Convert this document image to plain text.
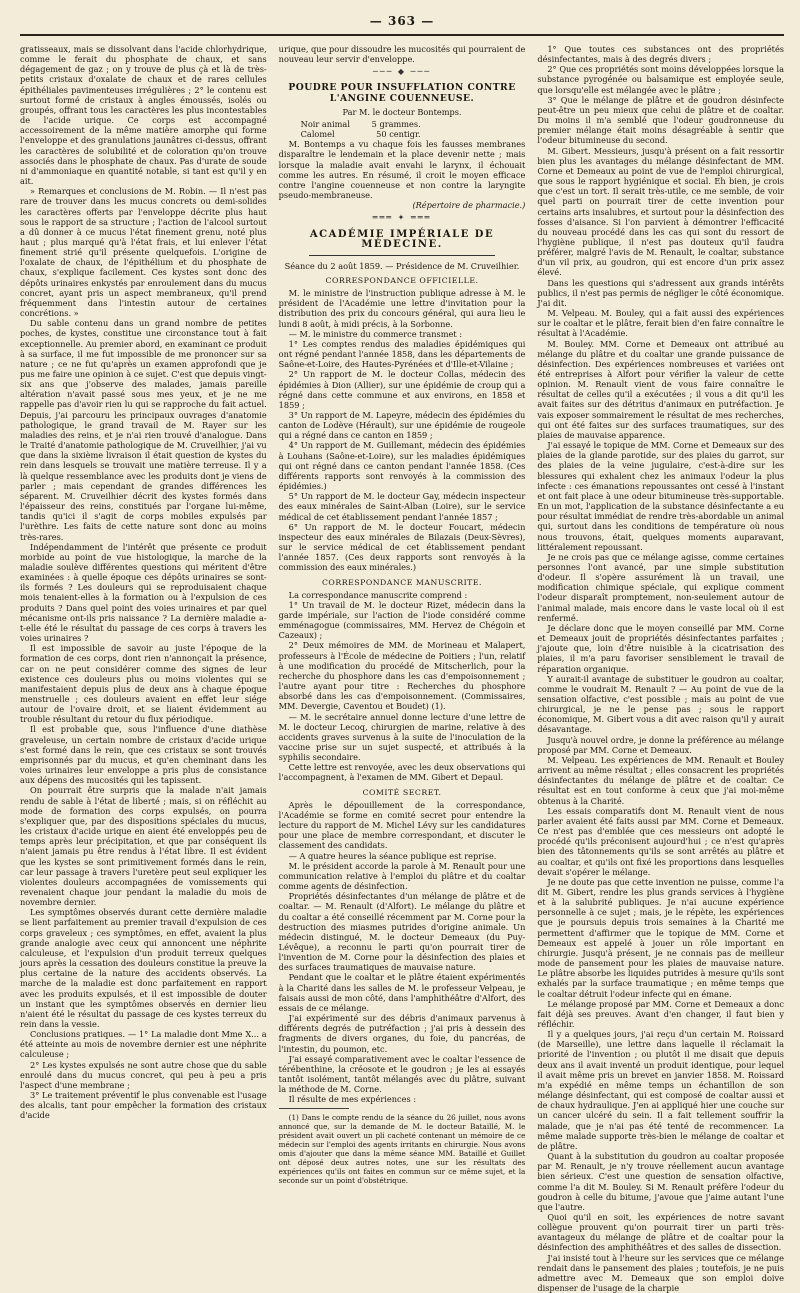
— 363 —

gratisseaux, mais se dissolvant dans l'acide chlorhydrique, comme le ferait du phosphate de chaux, et sans dégagement de gaz ; on y trouve de plus çà et là de très-petits cristaux d'oxalate de chaux et de rares cellules épithéliales pavimenteuses irrégulières ; 2° le contenu est surtout formé de cristaux à angles émoussés, isolés ou groupés, offrant tous les caractères les plus incontestables de l'acide urique. Ce corps est accompagné accessoirement de la même matière amorphe qui forme l'enveloppe et des granulations jaunâtres ci-dessus, offrant les caractères de solubilité et de coloration qu'on trouve associés dans le phosphate de chaux. Pas d'urate de soude ni d'ammoniaque en quantité notable, si tant est qu'il y en ait.

» Remarques et conclusions de M. Robin. — Il n'est pas rare de trouver dans les mucus concrets ou demi-solides les caractères offerts par l'enveloppe décrite plus haut sous le rapport de sa structure ; l'action de l'alcool surtout a dû donner à ce mucus l'état finement grenu, noté plus haut ; plus marqué qu'à l'état frais, et lui enlever l'état finement strié qu'il présente quelquefois. L'origine de l'oxalate de chaux, de l'épithélium et du phosphate de chaux, s'explique facilement. Ces kystes sont donc des dépôts urinaires enkystés par enroulement dans du mucus concret, ayant pris un aspect membraneux, qu'il prend fréquemment dans l'intestin autour de certaines concrétions. »

Du sable contenu dans un grand nombre de petites poches, de kystes, constitue une circonstance tout à fait exceptionnelle. Au premier abord, en examinant ce produit à sa surface, il me fut impossible de me prononcer sur sa nature ; ce ne fut qu'après un examen approfondi que je pus me faire une opinion à ce sujet. C'est que depuis vingt-six ans que j'observe des malades, jamais pareille altération n'avait passé sous mes yeux, et je ne me rappelle pas d'avoir rien lu qui se rapproche du fait actuel. Depuis, j'ai parcouru les principaux ouvrages d'anatomie pathologique, le grand travail de M. Rayer sur les maladies des reins, et je n'ai rien trouvé d'analogue. Dans le Traité d'anatomie pathologique de M. Cruveilhier, j'ai vu que dans la sixième livraison il était question de kystes du rein dans lesquels se trouvait une matière terreuse. Il y a là quelque ressemblance avec les produits dont je viens de parler ; mais cependant de grandes différences les séparent. M. Cruveilhier décrit des kystes formés dans l'épaisseur des reins, constitués par l'organe lui-même, tandis qu'ici il s'agit de corps mobiles expulsés par l'urèthre. Les faits de cette nature sont donc au moins très-rares.

Indépendamment de l'intérêt que présente ce produit morbide au point de vue histologique, la marche de la maladie soulève différentes questions qui méritent d'être examinées : à quelle époque ces dépôts urinaires se sont-ils formés ? Les douleurs qui se reproduisaient chaque mois tenaient-elles à la formation ou à l'expulsion de ces produits ? Dans quel point des voies urinaires et par quel mécanisme ont-ils pris naissance ? La dernière maladie a-t-elle été le résultat du passage de ces corps à travers les voies urinaires ?

Il est impossible de savoir au juste l'époque de la formation de ces corps, dont rien n'annonçait la présence, car on ne peut considérer comme des signes de leur existence ces douleurs plus ou moins violentes qui se manifestaient depuis plus de deux ans à chaque époque menstruelle ; ces douleurs avaient en effet leur siége autour de l'ovaire droit, et se liaient évidemment au trouble résultant du retour du flux périodique.

Il est probable que, sous l'influence d'une diathèse graveleuse, un certain nombre de cristaux d'acide urique s'est formé dans le rein, que ces cristaux se sont trouvés emprisonnés par du mucus, et qu'en cheminant dans les voies urinaires leur enveloppe a pris plus de consistance aux dépens des mucosités qui les tapissent.

On pourrait être surpris que la malade n'ait jamais rendu de sable à l'état de liberté ; mais, si on réfléchit au mode de formation des corps expulsés, on pourra s'expliquer que, par des dispositions spéciales du mucus, les cristaux d'acide urique en aient été enveloppés peu de temps après leur précipitation, et que par conséquent ils n'aient jamais pu être rendus à l'état libre. Il est évident que les kystes se sont primitivement formés dans le rein, car leur passage à travers l'uretère peut seul expliquer les violentes douleurs accompagnées de vomissements qui revenaient chaque jour pendant la maladie du mois de novembre dernier.

Les symptômes observés durant cette dernière maladie se lient parfaitement au premier travail d'expulsion de ces corps graveleux ; ces symptômes, en effet, avaient la plus grande analogie avec ceux qui annoncent une néphrite calculeuse, et l'expulsion d'un produit terreux quelques jours après la cessation des douleurs constitue la preuve la plus certaine de la nature des accidents observés. La marche de la maladie est donc parfaitement en rapport avec les produits expulsés, et il est impossible de douter un instant que les symptômes observés en dernier lieu n'aient été le résultat du passage de ces kystes terreux du rein dans la vessie.

Conclusions pratiques. — 1° La maladie dont Mme X... a été atteinte au mois de novembre dernier est une néphrite calculeuse ;

2° Les kystes expulsés ne sont autre chose que du sable enroulé dans du mucus concret, qui peu à peu a pris l'aspect d'une membrane ;

3° Le traitement préventif le plus convenable est l'usage des alcalis, tant pour empêcher la formation des cristaux d'acide

urique, que pour dissoudre les mucosités qui pourraient de nouveau leur servir d'enveloppe.

─── ◆ ───
POUDRE POUR INSUFFLATION CONTRE L'ANGINE COUENNEUSE.
Par M. le docteur Bontemps.
Noir animal	5 grammes.
Calomel	50 centigr.

M. Bontemps a vu chaque fois les fausses membranes disparaître le lendemain et la place devenir nette ; mais lorsque la maladie avait envahi le larynx, il échouait comme les autres. En résumé, il croit le moyen efficace contre l'angine couenneuse et non contre la laryngite pseudo-membraneuse.

(Répertoire de pharmacie.)
═══ ✦ ═══
ACADÉMIE IMPÉRIALE DE MÉDECINE.
Séance du 2 août 1859. — Présidence de M. Cruveilhier.
CORRESPONDANCE OFFICIELLE.

M. le ministre de l'instruction publique adresse à M. le président de l'Académie une lettre d'invitation pour la distribution des prix du concours général, qui aura lieu le lundi 8 août, à midi précis, à la Sorbonne.

— M. le ministre du commerce transmet :

1° Les comptes rendus des maladies épidémiques qui ont régné pendant l'année 1858, dans les départements de Saône-et-Loire, des Hautes-Pyrénées et d'Ille-et-Vilaine ;

2° Un rapport de M. le docteur Collas, médecin des épidémies à Dion (Allier), sur une épidémie de croup qui a régné dans cette commune et aux environs, en 1858 et 1859 ;

3° Un rapport de M. Lapeyre, médecin des épidémies du canton de Lodève (Hérault), sur une épidémie de rougeole qui a régné dans ce canton en 1859 ;

4° Un rapport de M. Guillemant, médecin des épidémies à Louhans (Saône-et-Loire), sur les maladies épidémiques qui ont régné dans ce canton pendant l'année 1858. (Ces différents rapports sont renvoyés à la commission des épidémies.)

5° Un rapport de M. le docteur Gay, médecin inspecteur des eaux minérales de Saint-Alban (Loire), sur le service médical de cet établissement pendant l'année 1857 ;

6° Un rapport de M. le docteur Foucart, médecin inspecteur des eaux minérales de Bilazais (Deux-Sèvres), sur le service médical de cet établissement pendant l'année 1857. (Ces deux rapports sont renvoyés à la commission des eaux minérales.)

CORRESPONDANCE MANUSCRITE.

La correspondance manuscrite comprend :

1° Un travail de M. le docteur Rizet, médecin dans la garde impériale, sur l'action de l'iode considéré comme emménagogue (commissaires, MM. Hervez de Chégoin et Cazeaux) ;

2° Deux mémoires de MM. de Morineau et Malapert, professeurs à l'École de médecine de Poitiers ; l'un, relatif à une modification du procédé de Mitscherlich, pour la recherche du phosphore dans les cas d'empoisonnement ; l'autre ayant pour titre : Recherches du phosphore absorbé dans les cas d'empoisonnement. (Commissaires, MM. Devergie, Caventou et Boudet) (1).

— M. le secrétaire annuel donne lecture d'une lettre de M. le docteur Lecoq, chirurgien de marine, relative à des accidents graves survenus à la suite de l'inoculation de la vaccine prise sur un sujet suspecté, et attribués à la syphilis secondaire.

Cette lettre est renvoyée, avec les deux observations qui l'accompagnent, à l'examen de MM. Gibert et Depaul.

COMITÉ SECRET.

Après le dépouillement de la correspondance, l'Académie se forme en comité secret pour entendre la lecture du rapport de M. Michel Lévy sur les candidatures pour une place de membre correspondant, et discuter le classement des candidats.

— A quatre heures la séance publique est reprise.

M. le président accorde la parole à M. Renault pour une communication relative à l'emploi du plâtre et du coaltar comme agents de désinfection.

Propriétés désinfectantes d'un mélange de plâtre et de coaltar. — M. Renault (d'Alfort). Le mélange du plâtre et du coaltar a été conseillé récemment par M. Corne pour la destruction des miasmes putrides d'origine animale. Un médecin distingué, M. le docteur Demeaux (du Puy-Lévêque), a reconnu le parti qu'on pourrait tirer de l'invention de M. Corne pour la désinfection des plaies et des surfaces traumatiques de mauvaise nature.

Pendant que le coaltar et le plâtre étaient expérimentés à la Charité dans les salles de M. le professeur Velpeau, je faisais aussi de mon côté, dans l'amphithéâtre d'Alfort, des essais de ce mélange.

J'ai expérimenté sur des débris d'animaux parvenus à différents degrés de putréfaction ; j'ai pris à dessein des fragments de divers organes, du foie, du pancréas, de l'intestin, du poumon, etc.

J'ai essayé comparativement avec le coaltar l'essence de térébenthine, la créosote et le goudron ; je les ai essayés tantôt isolément, tantôt mélangés avec du plâtre, suivant la méthode de M. Corne.

Il résulte de mes expériences :

(1) Dans le compte rendu de la séance du 26 juillet, nous avons annoncé que, sur la demande de M. le docteur Bataillé, M. le président avait ouvert un pli cacheté contenant un mémoire de ce médecin sur l'emploi des agents irritants en chirurgie. Nous avons omis d'ajouter que dans la même séance MM. Bataillé et Guillet ont déposé deux autres notes, une sur les résultats des expériences qu'ils ont faites en commun sur ce même sujet, et la seconde sur un point d'obstétrique.

1° Que toutes ces substances ont des propriétés désinfectantes, mais à des degrés divers ;

2° Que ces propriétés sont moins développées lorsque la substance pyrogénée ou balsamique est employée seule, que lorsqu'elle est mélangée avec le plâtre ;

3° Que le mélange de plâtre et de goudron désinfecte peut-être un peu mieux que celui de plâtre et de coaltar. Du moins il m'a semblé que l'odeur goudronneuse du premier mélange était moins désagréable à sentir que l'odeur bitumineuse du second.

M. Gibert. Messieurs, jusqu'à présent on a fait ressortir bien plus les avantages du mélange désinfectant de MM. Corne et Demeaux au point de vue de l'emploi chirurgical, que sous le rapport hygiénique et social. Eh bien, je crois que c'est un tort. Il serait très-utile, ce me semble, de voir quel parti on pourrait tirer de cette invention pour certains arts insalubres, et surtout pour la désinfection des fosses d'aisance. Si l'on parvient à démontrer l'efficacité du nouveau procédé dans les cas qui sont du ressort de l'hygiène publique, il n'est pas douteux qu'il faudra préférer, malgré l'avis de M. Renault, le coaltar, substance d'un vil prix, au goudron, qui est encore d'un prix assez élevé.

Dans les questions qui s'adressent aux grands intérêts publics, il n'est pas permis de négliger le côté économique. J'ai dit.

M. Velpeau. M. Bouley, qui a fait aussi des expériences sur le coaltar et le plâtre, ferait bien d'en faire connaître le résultat à l'Académie.

M. Bouley. MM. Corne et Demeaux ont attribué au mélange du plâtre et du coaltar une grande puissance de désinfection. Des expériences nombreuses et variées ont été entreprises à Alfort pour vérifier la valeur de cette opinion. M. Renault vient de vous faire connaître le résultat de celles qu'il a exécutées ; il vous a dit qu'il les avait faites sur des détritus d'animaux en putréfaction. Je vais exposer sommairement le résultat de mes recherches, qui ont été faites sur des surfaces traumatiques, sur des plaies de mauvaise apparence.

J'ai essayé le topique de MM. Corne et Demeaux sur des plaies de la glande parotide, sur des plaies du garrot, sur des plaies de la veine jugulaire, c'est-à-dire sur les blessures qui exhalent chez les animaux l'odeur la plus infecte : ces émanations repoussantes ont cessé à l'instant et ont fait place à une odeur bitumineuse très-supportable. En un mot, l'application de la substance désinfectante a eu pour résultat immédiat de rendre très-abordable un animal qui, surtout dans les conditions de température où nous nous trouvons, était, quelques moments auparavant, littéralement repoussant.

Je ne crois pas que ce mélange agisse, comme certaines personnes l'ont avancé, par une simple substitution d'odeur. Il s'opère assurément là un travail, une modification chimique spéciale, qui explique comment l'odeur disparaît promptement, non-seulement autour de l'animal malade, mais encore dans le vaste local où il est renfermé.

Je déclare donc que le moyen conseillé par MM. Corne et Demeaux jouit de propriétés désinfectantes parfaites ; j'ajoute que, loin d'être nuisible à la cicatrisation des plaies, il m'a paru favoriser sensiblement le travail de réparation organique.

Y aurait-il avantage de substituer le goudron au coaltar, comme le voudrait M. Renault ? — Au point de vue de la sensation olfactive, c'est possible ; mais au point de vue chirurgical, je ne le pense pas ; sous le rapport économique, M. Gibert vous a dit avec raison qu'il y aurait désavantage.

Jusqu'à nouvel ordre, je donne la préférence au mélange proposé par MM. Corne et Demeaux.

M. Velpeau. Les expériences de MM. Renault et Bouley arrivent au même résultat ; elles consacrent les propriétés désinfectantes du mélange de plâtre et de coaltar. Ce résultat est en tout conforme à ceux que j'ai moi-même obtenus à la Charité.

Les essais comparatifs dont M. Renault vient de nous parler avaient été faits aussi par MM. Corne et Demeaux. Ce n'est pas d'emblée que ces messieurs ont adopté le procédé qu'ils préconisent aujourd'hui ; ce n'est qu'après bien des tâtonnements qu'ils se sont arrêtés au plâtre et au coaltar, et qu'ils ont fixé les proportions dans lesquelles devait s'opérer le mélange.

Je ne doute pas que cette invention ne puisse, comme l'a dit M. Gibert, rendre les plus grands services à l'hygiène et à la salubrité publiques. Je n'ai aucune expérience personnelle à ce sujet ; mais, je le répète, les expériences que je poursuis depuis trois semaines à la Charité me permettent d'affirmer que le topique de MM. Corne et Demeaux est appelé à jouer un rôle important en chirurgie. Jusqu'à présent, je ne connais pas de meilleur mode de pansement pour les plaies de mauvaise nature. Le plâtre absorbe les liquides putrides à mesure qu'ils sont exhalés par la surface traumatique ; en même temps que le coaltar détruit l'odeur infecte qui en émane.

Le mélange proposé par MM. Corne et Demeaux a donc fait déjà ses preuves. Avant d'en changer, il faut bien y réfléchir.

Il y a quelques jours, j'ai reçu d'un certain M. Roissard (de Marseille), une lettre dans laquelle il réclamait la priorité de l'invention ; ou plutôt il me disait que depuis deux ans il avait inventé un produit identique, pour lequel il avait même pris un brevet en janvier 1858. M. Roissard m'a expédié en même temps un échantillon de son mélange désinfectant, qui est composé de coaltar aussi et de chaux hydraulique. J'en ai appliqué hier une couche sur un cancer ulcéré du sein. Il a fait tellement souffrir la malade, que je n'ai pas été tenté de recommencer. La même malade supporte très-bien le mélange de coaltar et de plâtre.

Quant à la substitution du goudron au coaltar proposée par M. Renault, je n'y trouve réellement aucun avantage bien sérieux. C'est une question de sensation olfactive, comme l'a dit M. Bouley. Si M. Renault préfère l'odeur du goudron à celle du bitume, j'avoue que j'aime autant l'une que l'autre.

Quoi qu'il en soit, les expériences de notre savant collègue prouvent qu'on pourrait tirer un parti très-avantageux du mélange de plâtre et de coaltar pour la désinfection des amphithéâtres et des salles de dissection.

J'ai insisté tout à l'heure sur les services que ce mélange rendait dans le pansement des plaies ; toutefois, je ne puis admettre avec M. Demeaux que son emploi doive dispenser de l'usage de la charpie
